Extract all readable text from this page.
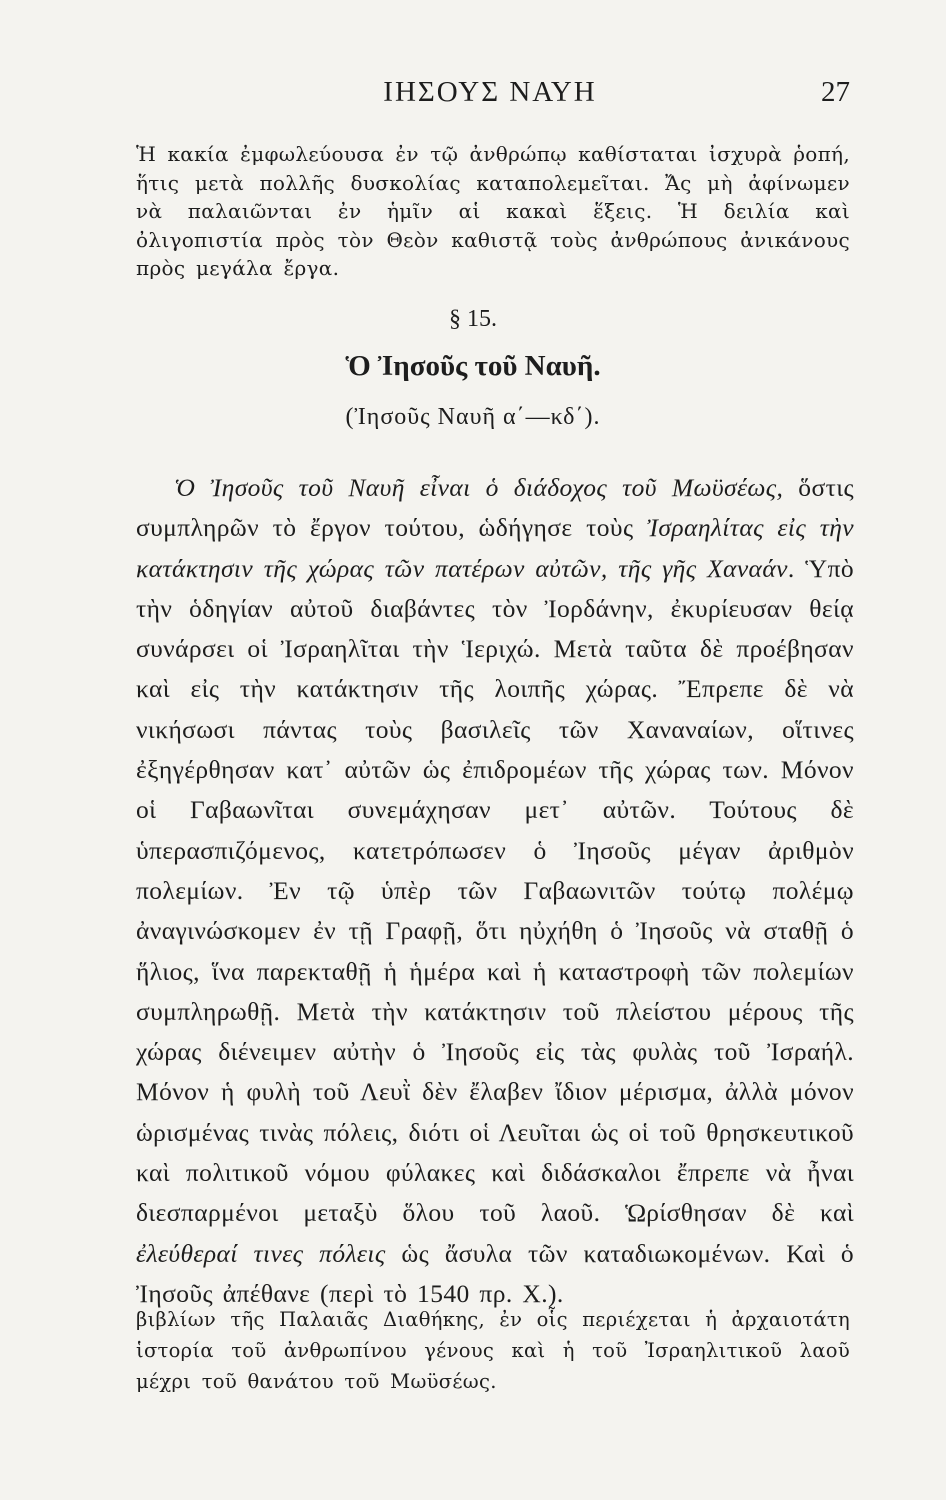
ΙΗΣΟΥΣ ΝΑΥΗ	27

Ἡ κακία ἐμφωλεύουσα ἐν τῷ ἀνθρώπῳ καθίσταται ἰσχυρὰ ῥοπή, ἥτις μετὰ πολλῆς δυσκολίας καταπολεμεῖται. Ἄς μὴ ἀφίνωμεν νὰ παλαιῶνται ἐν ἡμῖν αἱ κακαὶ ἕξεις. Ἡ δειλία καὶ ὀλιγοπιστία πρὸς τὸν Θεὸν καθιστᾷ τοὺς ἀνθρώπους ἀνικάνους πρὸς μεγάλα ἔργα.

§ 15.
Ὁ Ἰησοῦς τοῦ Ναυῆ.
(Ἰησοῦς Ναυῆ α΄—κδ΄).

Ὁ Ἰησοῦς τοῦ Ναυῆ εἶναι ὁ διάδοχος τοῦ Μωϋσέως, ὅστις συμπληρῶν τὸ ἔργον τούτου, ὡδήγησε τοὺς Ἰσραηλίτας εἰς τὴν κατάκτησιν τῆς χώρας τῶν πατέρων αὐτῶν, τῆς γῆς Χαναάν. Ὑπὸ τὴν ὁδηγίαν αὐτοῦ διαβάντες τὸν Ἰορδάνην, ἐκυρίευσαν θείᾳ συνάρσει οἱ Ἰσραηλῖται τὴν Ἱεριχώ. Μετὰ ταῦτα δὲ προέβησαν καὶ εἰς τὴν κατάκτησιν τῆς λοιπῆς χώρας. Ἔπρεπε δὲ νὰ νικήσωσι πάντας τοὺς βασιλεῖς τῶν Χαναναίων, οἵτινες ἐξηγέρθησαν κατ᾽ αὐτῶν ὡς ἐπιδρομέων τῆς χώρας των. Μόνον οἱ Γαβαωνῖται συνεμάχησαν μετ᾽ αὐτῶν. Τούτους δὲ ὑπερασπιζόμενος, κατετρόπωσεν ὁ Ἰησοῦς μέγαν ἀριθμὸν πολεμίων. Ἐν τῷ ὑπὲρ τῶν Γαβαωνιτῶν τούτῳ πολέμῳ ἀναγινώσκομεν ἐν τῇ Γραφῇ, ὅτι ηὐχήθη ὁ Ἰησοῦς νὰ σταθῇ ὁ ἥλιος, ἵνα παρεκταθῇ ἡ ἡμέρα καὶ ἡ καταστροφὴ τῶν πολεμίων συμπληρωθῇ. Μετὰ τὴν κατάκτησιν τοῦ πλείστου μέρους τῆς χώρας διένειμεν αὐτὴν ὁ Ἰησοῦς εἰς τὰς φυλὰς τοῦ Ἰσραήλ. Μόνον ἡ φυλὴ τοῦ Λευῒ δὲν ἔλαβεν ἴδιον μέρισμα, ἀλλὰ μόνον ὡρισμένας τινὰς πόλεις, διότι οἱ Λευῖται ὡς οἱ τοῦ θρησκευτικοῦ καὶ πολιτικοῦ νόμου φύλακες καὶ διδάσκαλοι ἔπρεπε νὰ ἦναι διεσπαρμένοι μεταξὺ ὅλου τοῦ λαοῦ. Ὡρίσθησαν δὲ καὶ ἐλεύθεραί τινες πόλεις ὡς ἄσυλα τῶν καταδιωκομένων. Καὶ ὁ Ἰησοῦς ἀπέθανε (περὶ τὸ 1540 πρ. Χ.).

βιβλίων τῆς Παλαιᾶς Διαθήκης, ἐν οἷς περιέχεται ἡ ἀρχαιοτάτη ἱστορία τοῦ ἀνθρωπίνου γένους καὶ ἡ τοῦ Ἰσραηλιτικοῦ λαοῦ μέχρι τοῦ θανάτου τοῦ Μωϋσέως.
